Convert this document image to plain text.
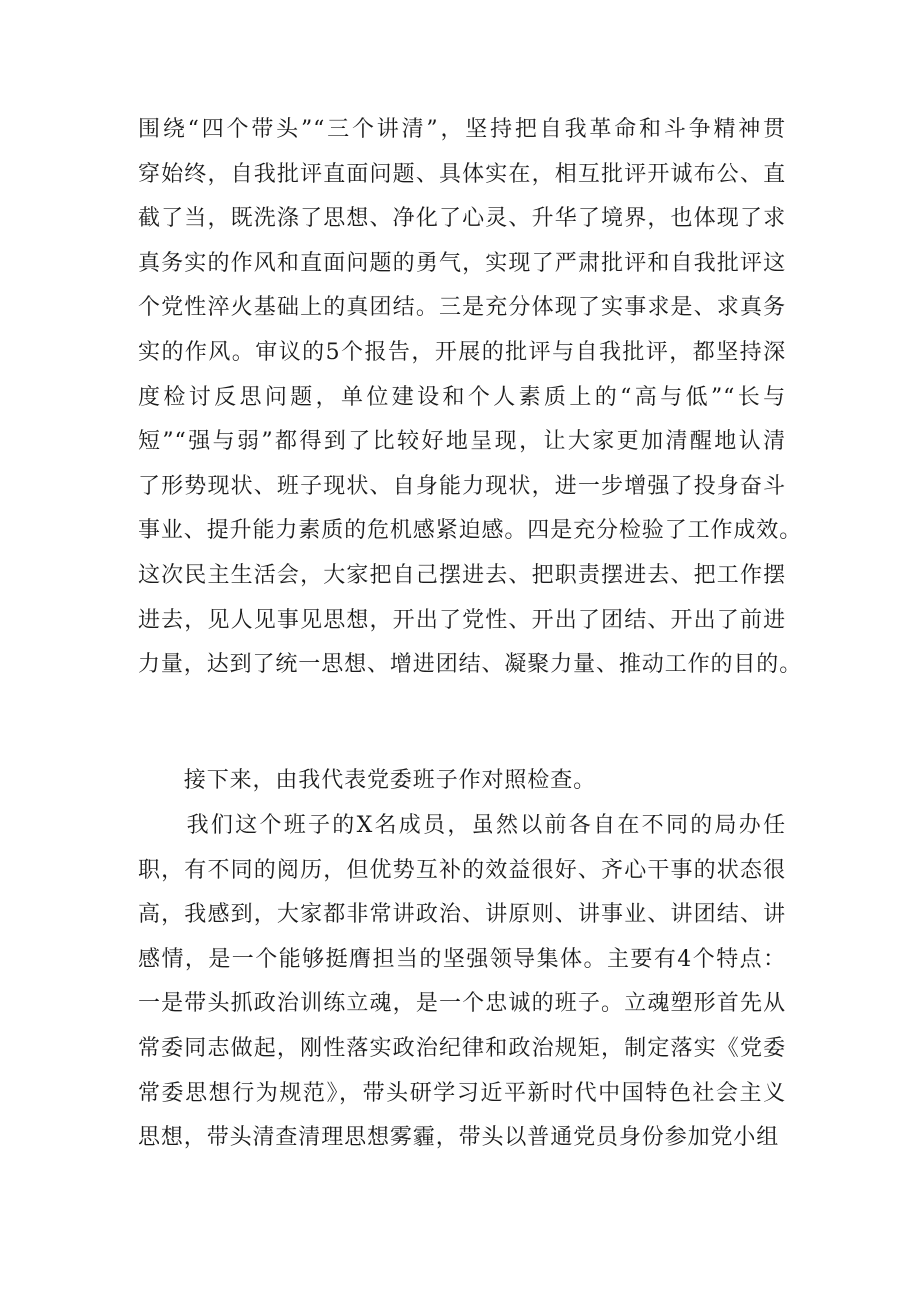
围绕“四个带头”“三个讲清”，坚持把自我革命和斗争精神贯
穿始终，自我批评直面问题、具体实在，相互批评开诚布公、直
截了当，既洗涤了思想、净化了心灵、升华了境界，也体现了求
真务实的作风和直面问题的勇气，实现了严肃批评和自我批评这
个党性淬火基础上的真团结。三是充分体现了实事求是、求真务
实的作风。审议的5个报告，开展的批评与自我批评，都坚持深
度检讨反思问题，单位建设和个人素质上的“高与低”“长与
短”“强与弱”都得到了比较好地呈现，让大家更加清醒地认清
了形势现状、班子现状、自身能力现状，进一步增强了投身奋斗
事业、提升能力素质的危机感紧迫感。四是充分检验了工作成效。
这次民主生活会，大家把自己摆进去、把职责摆进去、把工作摆
进去，见人见事见思想，开出了党性、开出了团结、开出了前进
力量，达到了统一思想、增进团结、凝聚力量、推动工作的目的。
　　接下来，由我代表党委班子作对照检查。
　　我们这个班子的X名成员，虽然以前各自在不同的局办任
职，有不同的阅历，但优势互补的效益很好、齐心干事的状态很
高，我感到，大家都非常讲政治、讲原则、讲事业、讲团结、讲
感情，是一个能够挺膺担当的坚强领导集体。主要有4个特点：
一是带头抓政治训练立魂，是一个忠诚的班子。立魂塑形首先从
常委同志做起，刚性落实政治纪律和政治规矩，制定落实《党委
常委思想行为规范》，带头研学习近平新时代中国特色社会主义
思想，带头清查清理思想雾霾，带头以普通党员身份参加党小组
